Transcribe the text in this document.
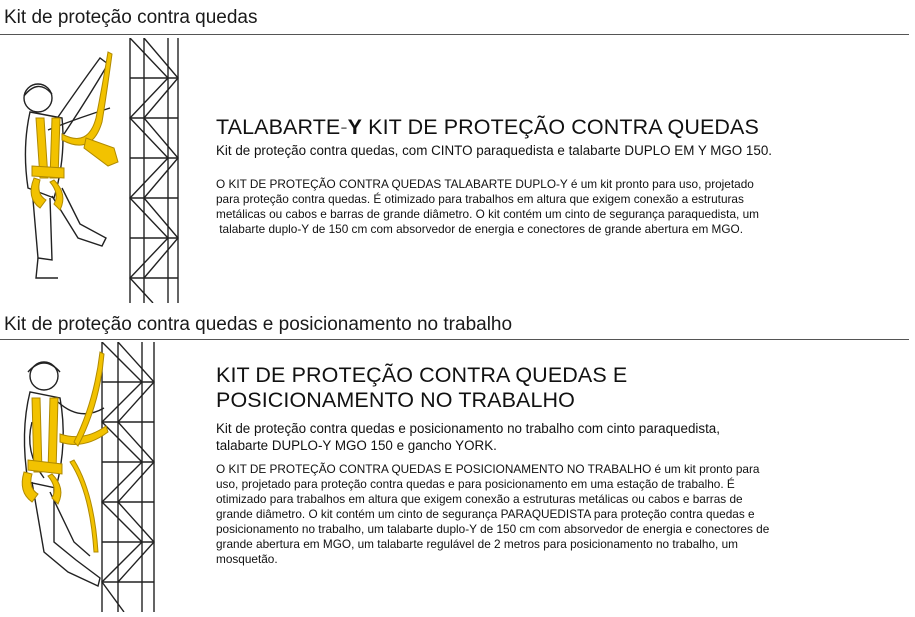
Kit de proteção contra quedas
TALABARTE-Y KIT DE PROTEÇÃO CONTRA QUEDAS
Kit de proteção contra quedas, com CINTO paraquedista e talabarte DUPLO EM Y MGO 150.
O KIT DE PROTEÇÃO CONTRA QUEDAS TALABARTE DUPLO-Y é um kit pronto para uso, projetado
para proteção contra quedas. É otimizado para trabalhos em altura que exigem conexão a estruturas
metálicas ou cabos e barras de grande diâmetro. O kit contém um cinto de segurança paraquedista, um
talabarte duplo-Y de 150 cm com absorvedor de energia e conectores de grande abertura em MGO.
Kit de proteção contra quedas e posicionamento no trabalho
KIT DE PROTEÇÃO CONTRA QUEDAS E
POSICIONAMENTO NO TRABALHO
Kit de proteção contra quedas e posicionamento no trabalho com cinto paraquedista,
talabarte DUPLO-Y MGO 150 e gancho YORK.
O KIT DE PROTEÇÃO CONTRA QUEDAS E POSICIONAMENTO NO TRABALHO é um kit pronto para
uso, projetado para proteção contra quedas e para posicionamento em uma estação de trabalho. É
otimizado para trabalhos em altura que exigem conexão a estruturas metálicas ou cabos e barras de
grande diâmetro. O kit contém um cinto de segurança PARAQUEDISTA para proteção contra quedas e
posicionamento no trabalho, um talabarte duplo-Y de 150 cm com absorvedor de energia e conectores de
grande abertura em MGO, um talabarte regulável de 2 metros para posicionamento no trabalho, um
mosquetão.
